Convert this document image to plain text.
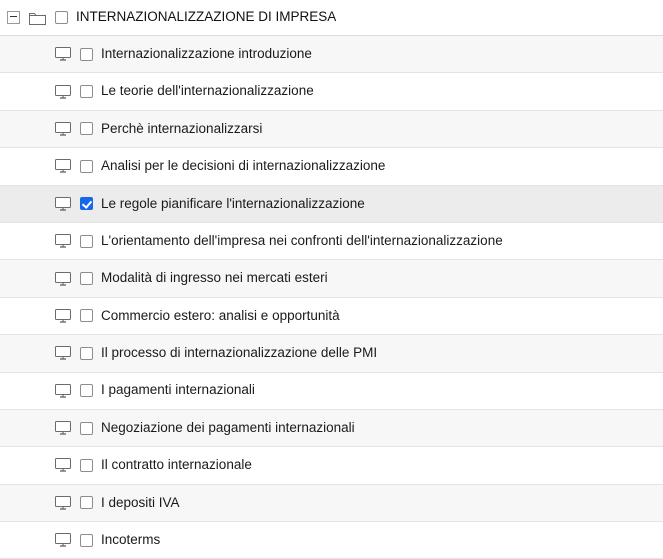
INTERNAZIONALIZZAZIONE DI IMPRESA
Internazionalizzazione introduzione
Le teorie dell'internazionalizzazione
Perchè internazionalizzarsi
Analisi per le decisioni di internazionalizzazione
Le regole pianificare l'internazionalizzazione
L'orientamento dell'impresa nei confronti dell'internazionalizzazione
Modalità di ingresso nei mercati esteri
Commercio estero: analisi e opportunità
Il processo di internazionalizzazione delle PMI
I pagamenti internazionali
Negoziazione dei pagamenti internazionali
Il contratto internazionale
I depositi IVA
Incoterms
